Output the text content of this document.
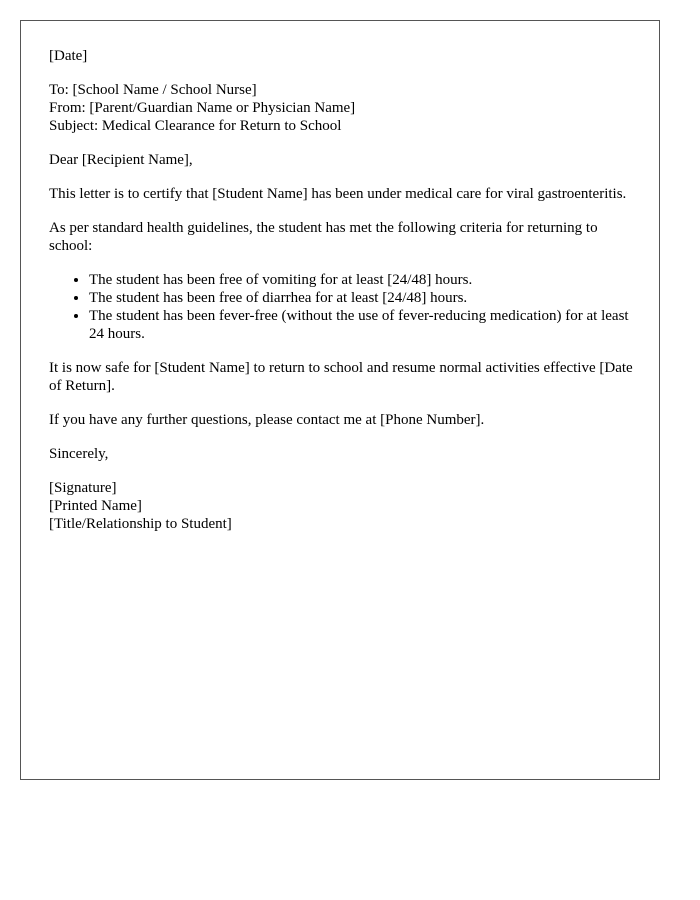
[Date]

To: [School Name / School Nurse]
From: [Parent/Guardian Name or Physician Name]
Subject: Medical Clearance for Return to School

Dear [Recipient Name],

This letter is to certify that [Student Name] has been under medical care for viral gastroenteritis.

As per standard health guidelines, the student has met the following criteria for returning to school:

• The student has been free of vomiting for at least [24/48] hours.
• The student has been free of diarrhea for at least [24/48] hours.
• The student has been fever-free (without the use of fever-reducing medication) for at least 24 hours.

It is now safe for [Student Name] to return to school and resume normal activities effective [Date of Return].

If you have any further questions, please contact me at [Phone Number].

Sincerely,

[Signature]
[Printed Name]
[Title/Relationship to Student]
